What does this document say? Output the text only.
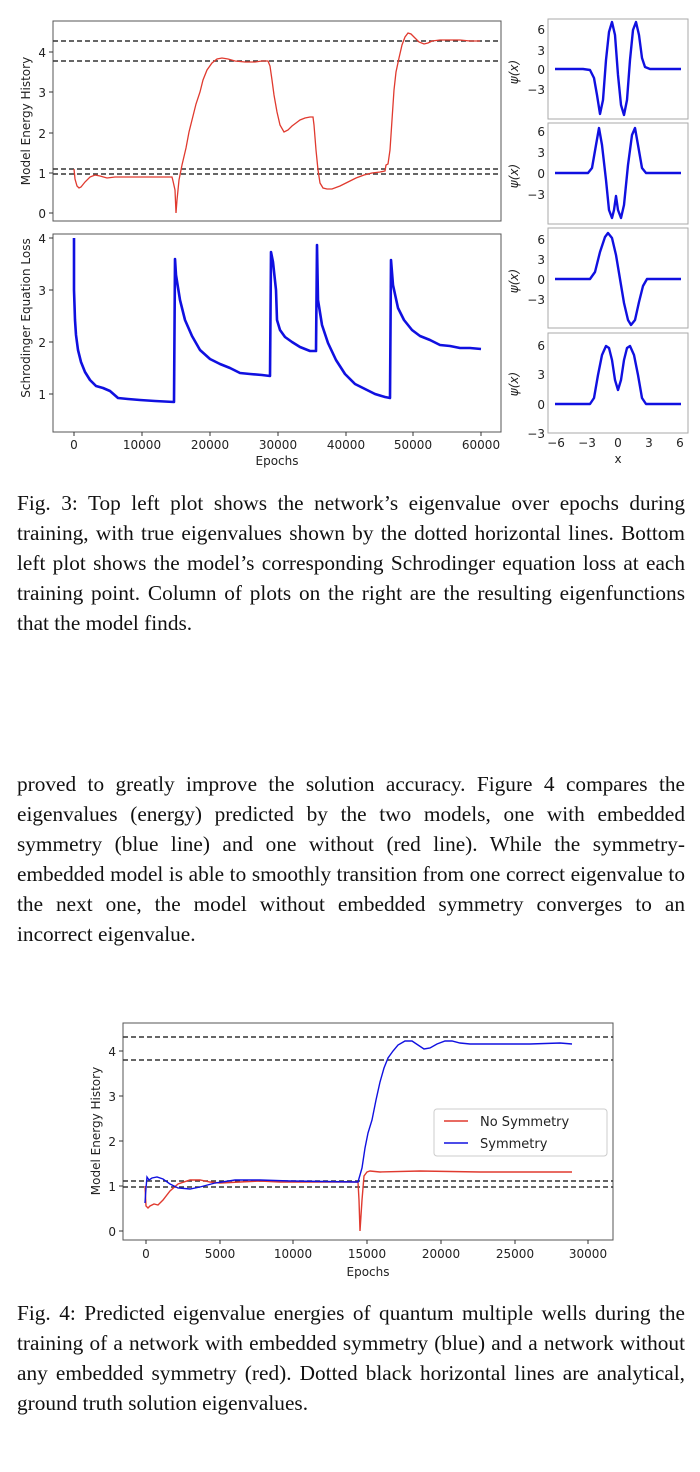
0
1
2
3
4
Model Energy History
1
2
3
4
0	10000 20000 30000 40000 50000 60000
Epochs
Schrodinger Equation Loss
6
3
0
−3
ψ(x)
6
3
0
−3
ψ(x)
6
3
0
−3
ψ(x)
6
3
0
−3
ψ(x)
−6 −3 0 3 6
x

Fig. 3: Top left plot shows the network’s eigenvalue over epochs during training, with true eigenvalues shown by the dotted horizontal lines. Bottom left plot shows the model’s corresponding Schrodinger equation loss at each training point. Column of plots on the right are the resulting eigenfunctions that the model finds.

proved to greatly improve the solution accuracy. Figure 4 compares the eigenvalues (energy) predicted by the two models, one with embedded symmetry (blue line) and one without (red line). While the symmetry-embedded model is able to smoothly transition from one correct eigenvalue to the next one, the model without embedded symmetry converges to an incorrect eigenvalue.

No Symmetry
Symmetry
0
1
2
3
4
Model Energy History
0	5000	10000	15000	20000	25000	30000
Epochs

Fig. 4: Predicted eigenvalue energies of quantum multiple wells during the training of a network with embedded symmetry (blue) and a network without any embedded symmetry (red). Dotted black horizontal lines are analytical, ground truth solution eigenvalues.
